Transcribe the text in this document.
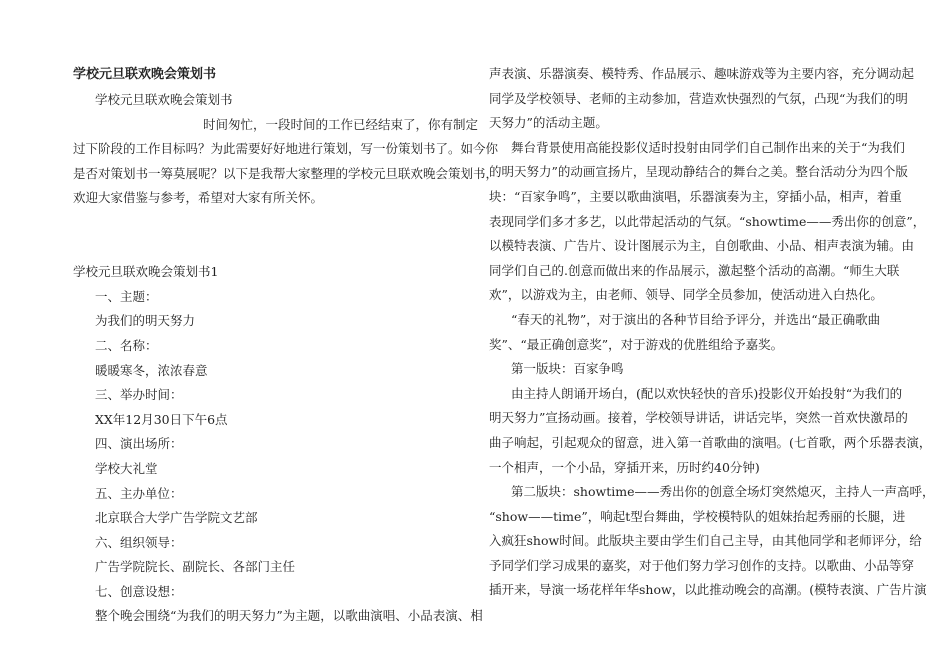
学校元旦联欢晚会策划书
学校元旦联欢晚会策划书
时间匆忙，一段时间的工作已经结束了，你有制定
过下阶段的工作目标吗？为此需要好好地进行策划，写一份策划书了。如今你
是否对策划书一筹莫展呢？以下是我帮大家整理的学校元旦联欢晚会策划书，
欢迎大家借鉴与参考，希望对大家有所关怀。
学校元旦联欢晚会策划书1
一、主题：
为我们的明天努力
二、名称：
暖暖寒冬，浓浓春意
三、举办时间：
XX年12月30日下午6点
四、演出场所：
学校大礼堂
五、主办单位：
北京联合大学广告学院文艺部
六、组织领导：
广告学院院长、副院长、各部门主任
七、创意设想：
整个晚会围绕“为我们的明天努力”为主题，以歌曲演唱、小品表演、相
声表演、乐器演奏、模特秀、作品展示、趣味游戏等为主要内容，充分调动起
同学及学校领导、老师的主动参加，营造欢快强烈的气氛，凸现“为我们的明
天努力”的活动主题。
舞台背景使用高能投影仪适时投射由同学们自己制作出来的关于“为我们
的明天努力”的动画宣扬片，呈现动静结合的舞台之美。整台活动分为四个版
块：“百家争鸣”，主要以歌曲演唱，乐器演奏为主，穿插小品，相声，着重
表现同学们多才多艺，以此带起活动的气氛。“showtime——秀出你的创意”，
以模特表演、广告片、设计图展示为主，自创歌曲、小品、相声表演为辅。由
同学们自己的.创意而做出来的作品展示，激起整个活动的高潮。“师生大联
欢”，以游戏为主，由老师、领导、同学全员参加，使活动进入白热化。
“春天的礼物”，对于演出的各种节目给予评分，并选出“最正确歌曲
奖”、“最正确创意奖”，对于游戏的优胜组给予嘉奖。
第一版块：百家争鸣
由主持人朗诵开场白，(配以欢快轻快的音乐)投影仪开始投射“为我们的
明天努力”宣扬动画。接着，学校领导讲话，讲话完毕，突然一首欢快激昂的
曲子响起，引起观众的留意，进入第一首歌曲的演唱。(七首歌，两个乐器表演，
一个相声，一个小品，穿插开来，历时约40分钟)
第二版块：showtime——秀出你的创意全场灯突然熄灭，主持人一声高呼，
“show——time”，响起t型台舞曲，学校模特队的姐妹抬起秀丽的长腿，进
入疯狂show时间。此版块主要由学生们自己主导，由其他同学和老师评分，给
予同学们学习成果的嘉奖，对于他们努力学习创作的支持。以歌曲、小品等穿
插开来，导演一场花样年华show，以此推动晚会的高潮。(模特表演、广告片演
